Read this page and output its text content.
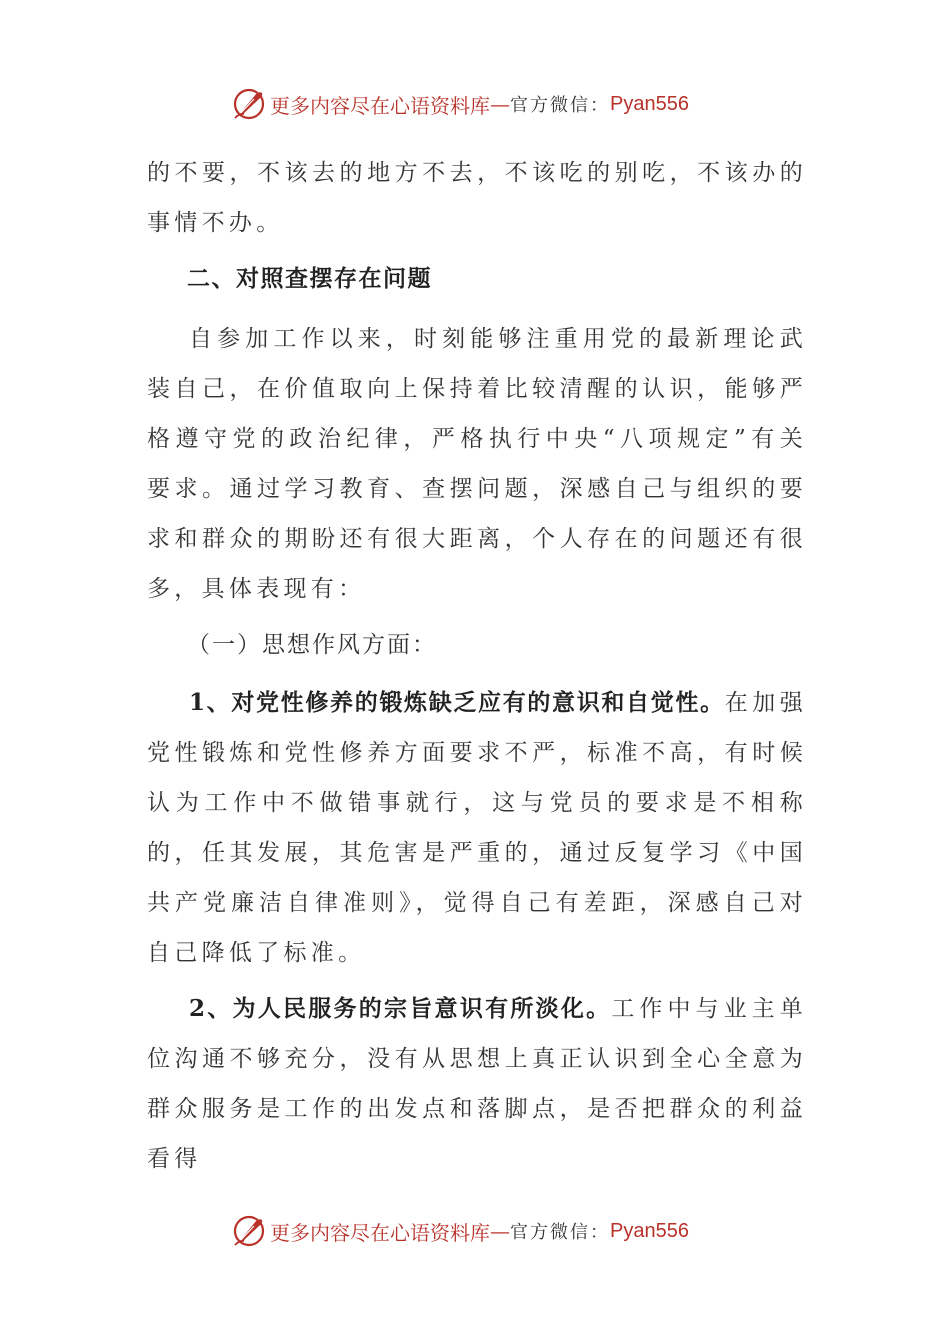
更多内容尽在心语资料库 — 官方微信： Pyan556

的不要，不该去的地方不去，不该吃的别吃，不该办的事情不办。

二、对照查摆存在问题

自参加工作以来，时刻能够注重用党的最新理论武装自己，在价值取向上保持着比较清醒的认识，能够严格遵守党的政治纪律，严格执行中央“八项规定”有关要求。通过学习教育、查摆问题，深感自己与组织的要求和群众的期盼还有很大距离，个人存在的问题还有很多，具体表现有：

（一）思想作风方面：

1、对党性修养的锻炼缺乏应有的意识和自觉性。在加强党性锻炼和党性修养方面要求不严，标准不高，有时候认为工作中不做错事就行，这与党员的要求是不相称的，任其发展，其危害是严重的，通过反复学习《中国共产党廉洁自律准则》，觉得自己有差距，深感自己对自己降低了标准。

2、为人民服务的宗旨意识有所淡化。工作中与业主单位沟通不够充分，没有从思想上真正认识到全心全意为群众服务是工作的出发点和落脚点，是否把群众的利益看得

更多内容尽在心语资料库 — 官方微信： Pyan556
